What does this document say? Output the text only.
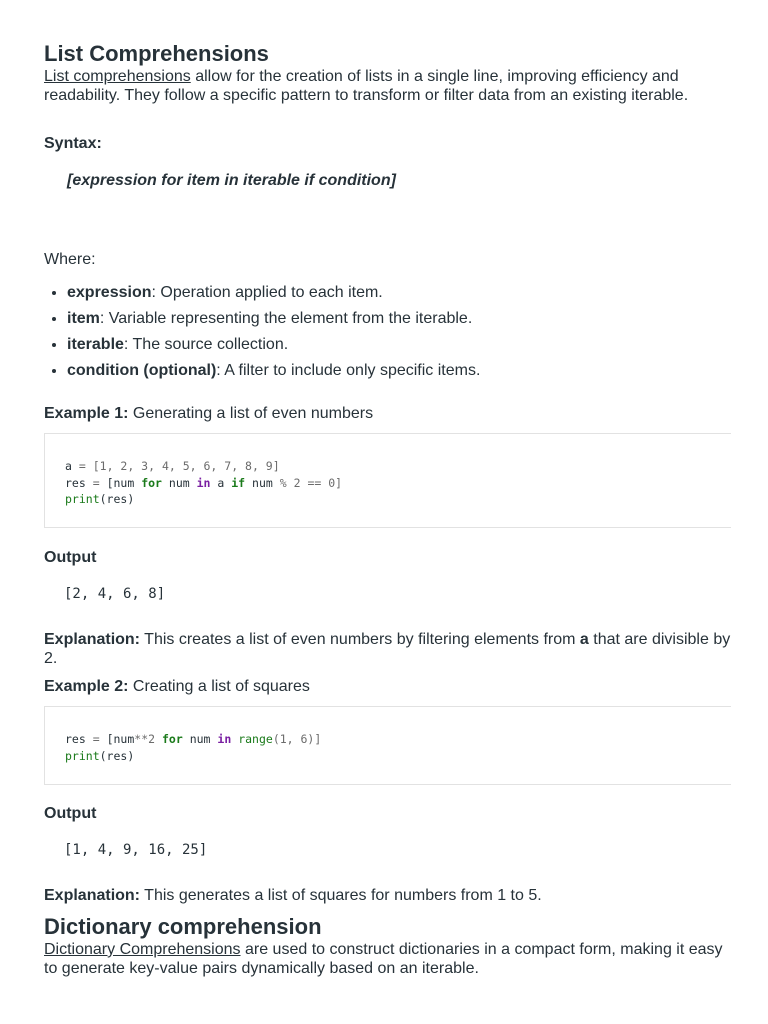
List Comprehensions

List comprehensions allow for the creation of lists in a single line, improving efficiency and readability. They follow a specific pattern to transform or filter data from an existing iterable.

Syntax:

[expression for item in iterable if condition]

Where:

• expression: Operation applied to each item.
• item: Variable representing the element from the iterable.
• iterable: The source collection.
• condition (optional): A filter to include only specific items.

Example 1: Generating a list of even numbers

a = [1, 2, 3, 4, 5, 6, 7, 8, 9]
res = [num for num in a if num % 2 == 0]
print(res)

Output

[2, 4, 6, 8]

Explanation: This creates a list of even numbers by filtering elements from a that are divisible by 2.

Example 2: Creating a list of squares

res = [num**2 for num in range(1, 6)]
print(res)

Output

[1, 4, 9, 16, 25]

Explanation: This generates a list of squares for numbers from 1 to 5.

Dictionary comprehension

Dictionary Comprehensions are used to construct dictionaries in a compact form, making it easy to generate key-value pairs dynamically based on an iterable.
